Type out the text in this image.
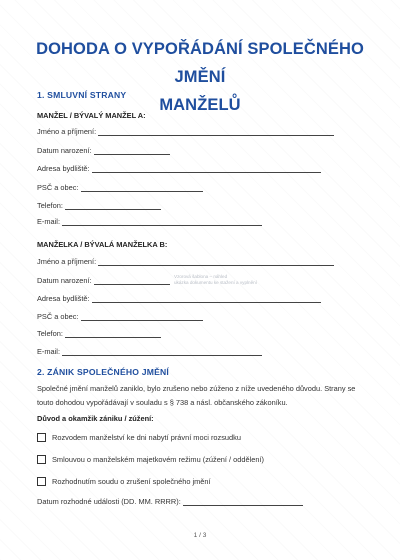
DOHODA O VYPOŘÁDÁNÍ SPOLEČNÉHO JMĚNÍ
MANŽELŮ
1. SMLUVNÍ STRANY
MANŽEL / BÝVALÝ MANŽEL A:
Jméno a příjmení:
Datum narození:
Adresa bydliště:
PSČ a obec:
Telefon:
E-mail:
MANŽELKA / BÝVALÁ MANŽELKA B:
Jméno a příjmení:
Datum narození:
Adresa bydliště:
PSČ a obec:
Telefon:
E-mail:
Vzorová šablona – náhled
ukázka dokumentu ke stažení a vyplnění
2. ZÁNIK SPOLEČNÉHO JMĚNÍ

Společné jmění manželů zaniklo, bylo zrušeno nebo zúženo z níže uvedeného důvodu. Strany se touto dohodou vypořádávají v souladu s § 738 a násl. občanského zákoníku.

Důvod a okamžik zániku / zúžení:
Rozvodem manželství ke dni nabytí právní moci rozsudku
Smlouvou o manželském majetkovém režimu (zúžení / oddělení)
Rozhodnutím soudu o zrušení společného jmění
Datum rozhodné události (DD. MM. RRRR):
1 / 3
